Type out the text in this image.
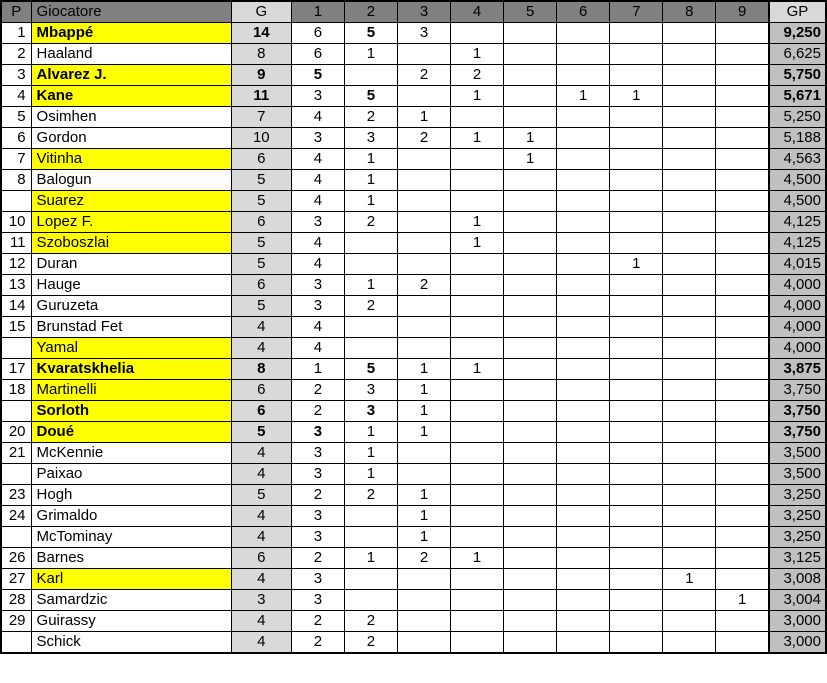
P	Giocatore	G	1	2	3	4	5	6	7	8	9	GP
1	Mbappé	14	6	5	3							9,250
2	Haaland	8	6	1		1						6,625
3	Alvarez J.	9	5		2	2						5,750
4	Kane	11	3	5		1		1	1			5,671
5	Osimhen	7	4	2	1							5,250
6	Gordon	10	3	3	2	1	1					5,188
7	Vitinha	6	4	1			1					4,563
8	Balogun	5	4	1								4,500
	Suarez	5	4	1								4,500
10	Lopez F.	6	3	2		1						4,125
11	Szoboszlai	5	4			1						4,125
12	Duran	5	4						1			4,015
13	Hauge	6	3	1	2							4,000
14	Guruzeta	5	3	2								4,000
15	Brunstad Fet	4	4									4,000
	Yamal	4	4									4,000
17	Kvaratskhelia	8	1	5	1	1						3,875
18	Martinelli	6	2	3	1							3,750
	Sorloth	6	2	3	1							3,750
20	Doué	5	3	1	1							3,750
21	McKennie	4	3	1								3,500
	Paixao	4	3	1								3,500
23	Hogh	5	2	2	1							3,250
24	Grimaldo	4	3		1							3,250
	McTominay	4	3		1							3,250
26	Barnes	6	2	1	2	1						3,125
27	Karl	4	3							1		3,008
28	Samardzic	3	3								1	3,004
29	Guirassy	4	2	2								3,000
	Schick	4	2	2								3,000
